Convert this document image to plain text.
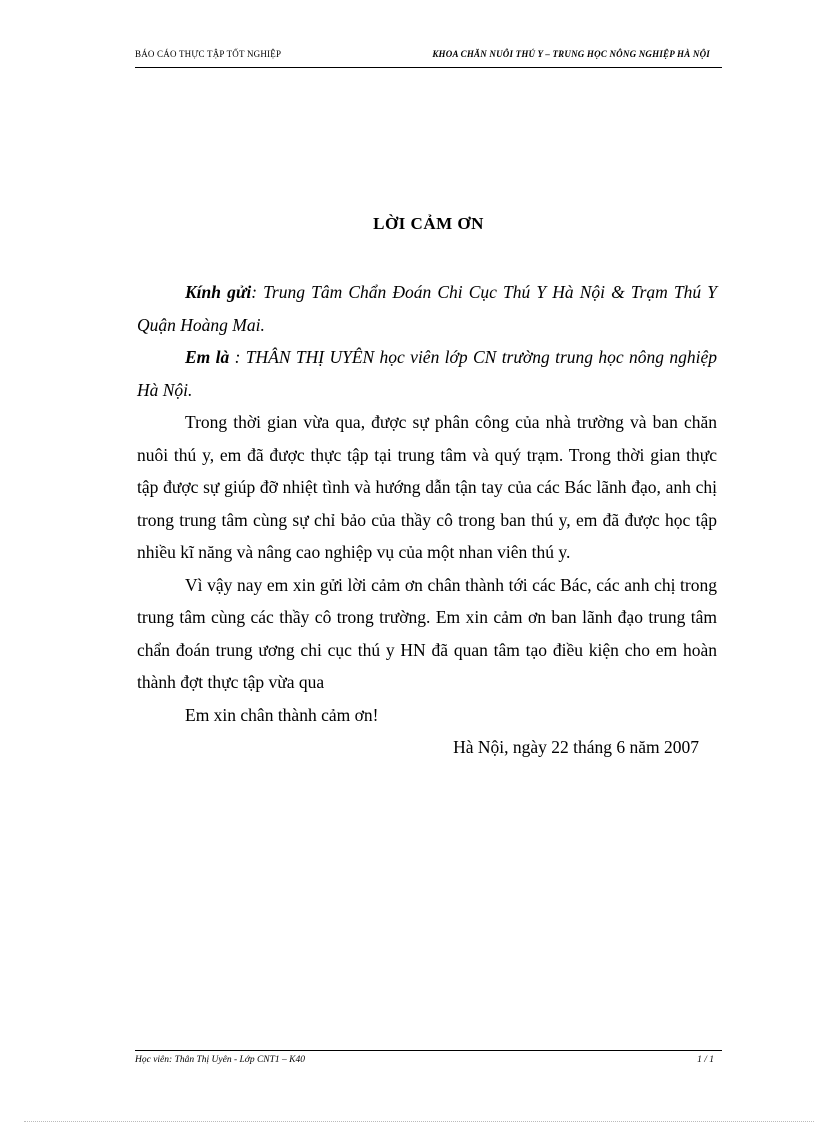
BÁO CÁO THỰC TẬP TỐT NGHIỆP	KHOA CHĂN NUÔI THÚ Y – TRUNG HỌC NÔNG NGHIỆP HÀ NỘI
LỜI CẢM ƠN

Kính gửi: Trung Tâm Chẩn Đoán Chi Cục Thú Y Hà Nội & Trạm Thú Y Quận Hoàng Mai.

Em là : THÂN THỊ UYÊN học viên lớp CN trường trung học nông nghiệp Hà Nội.

Trong thời gian vừa qua, được sự phân công của nhà trường và ban chăn nuôi thú y, em đã được thực tập tại trung tâm và quý trạm. Trong thời gian thực tập được sự giúp đỡ nhiệt tình và hướng dẫn tận tay của các Bác lãnh đạo, anh chị trong trung tâm cùng sự chỉ bảo của thầy cô trong ban thú y, em đã được học tập nhiều kĩ năng và nâng cao nghiệp vụ của một nhan viên thú y.

Vì vậy nay em xin gửi lời cảm ơn chân thành tới các Bác, các anh chị trong trung tâm cùng các thầy cô trong trường. Em xin cảm ơn ban lãnh đạo trung tâm chẩn đoán trung ương chi cục thú y HN đã quan tâm tạo điều kiện cho em hoàn thành đợt thực tập vừa qua

Em xin chân thành cảm ơn!

Hà Nội, ngày 22 tháng 6 năm 2007

Học viên: Thân Thị Uyên - Lớp CNT1 – K40	1 / 1
